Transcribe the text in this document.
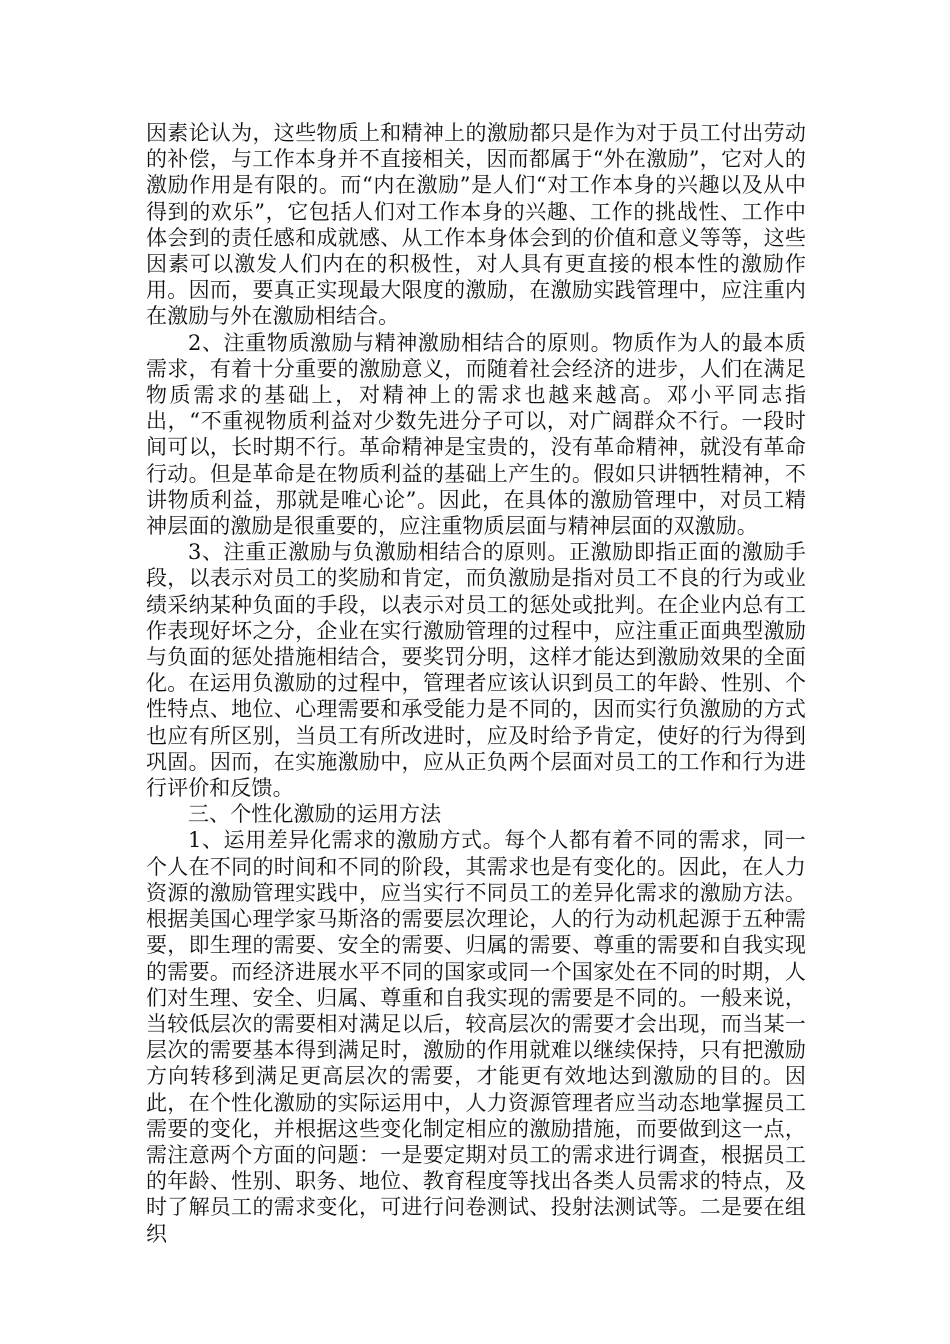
因素论认为，这些物质上和精神上的激励都只是作为对于员工付出劳动的补偿，与工作本身并不直接相关，因而都属于“外在激励”，它对人的激励作用是有限的。而“内在激励”是人们“对工作本身的兴趣以及从中得到的欢乐”，它包括人们对工作本身的兴趣、工作的挑战性、工作中体会到的责任感和成就感、从工作本身体会到的价值和意义等等，这些因素可以激发人们内在的积极性，对人具有更直接的根本性的激励作用。因而，要真正实现最大限度的激励，在激励实践管理中，应注重内在激励与外在激励相结合。

2、注重物质激励与精神激励相结合的原则。物质作为人的最本质需求，有着十分重要的激励意义，而随着社会经济的进步，人们在满足物质需求的基础上，对精神上的需求也越来越高。邓小平同志指出，“不重视物质利益对少数先进分子可以，对广阔群众不行。一段时间可以，长时期不行。革命精神是宝贵的，没有革命精神，就没有革命行动。但是革命是在物质利益的基础上产生的。假如只讲牺牲精神，不讲物质利益，那就是唯心论”。因此，在具体的激励管理中，对员工精神层面的激励是很重要的，应注重物质层面与精神层面的双激励。

3、注重正激励与负激励相结合的原则。正激励即指正面的激励手段，以表示对员工的奖励和肯定，而负激励是指对员工不良的行为或业绩采纳某种负面的手段，以表示对员工的惩处或批判。在企业内总有工作表现好坏之分，企业在实行激励管理的过程中，应注重正面典型激励与负面的惩处措施相结合，要奖罚分明，这样才能达到激励效果的全面化。在运用负激励的过程中，管理者应该认识到员工的年龄、性别、个性特点、地位、心理需要和承受能力是不同的，因而实行负激励的方式也应有所区别，当员工有所改进时，应及时给予肯定，使好的行为得到巩固。因而，在实施激励中，应从正负两个层面对员工的工作和行为进行评价和反馈。

三、个性化激励的运用方法

1、运用差异化需求的激励方式。每个人都有着不同的需求，同一个人在不同的时间和不同的阶段，其需求也是有变化的。因此，在人力资源的激励管理实践中，应当实行不同员工的差异化需求的激励方法。根据美国心理学家马斯洛的需要层次理论，人的行为动机起源于五种需要，即生理的需要、安全的需要、归属的需要、尊重的需要和自我实现的需要。而经济进展水平不同的国家或同一个国家处在不同的时期，人们对生理、安全、归属、尊重和自我实现的需要是不同的。一般来说，当较低层次的需要相对满足以后，较高层次的需要才会出现，而当某一层次的需要基本得到满足时，激励的作用就难以继续保持，只有把激励方向转移到满足更高层次的需要，才能更有效地达到激励的目的。因此，在个性化激励的实际运用中，人力资源管理者应当动态地掌握员工需要的变化，并根据这些变化制定相应的激励措施，而要做到这一点，需注意两个方面的问题：一是要定期对员工的需求进行调查，根据员工的年龄、性别、职务、地位、教育程度等找出各类人员需求的特点，及时了解员工的需求变化，可进行问卷测试、投射法测试等。二是要在组织
